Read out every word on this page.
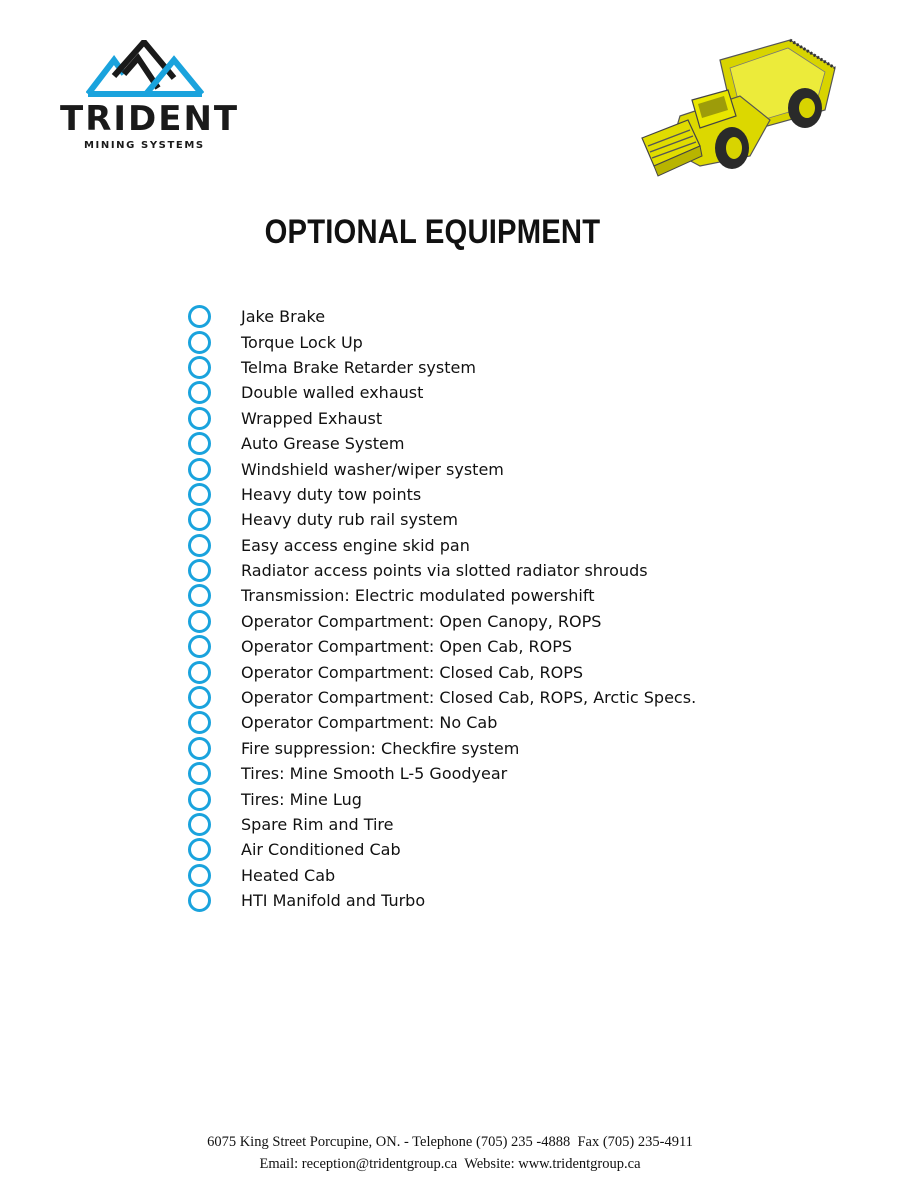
TRIDENT
MINING SYSTEMS
OPTIONAL EQUIPMENT
Jake Brake
Torque Lock Up
Telma Brake Retarder system
Double walled exhaust
Wrapped Exhaust
Auto Grease System
Windshield washer/wiper system
Heavy duty tow points
Heavy duty rub rail system
Easy access engine skid pan
Radiator access points via slotted radiator shrouds
Transmission: Electric modulated powershift
Operator Compartment: Open Canopy, ROPS
Operator Compartment: Open Cab, ROPS
Operator Compartment: Closed Cab, ROPS
Operator Compartment: Closed Cab, ROPS, Arctic Specs.
Operator Compartment: No Cab
Fire suppression: Checkfire system
Tires: Mine Smooth L-5 Goodyear
Tires: Mine Lug
Spare Rim and Tire
Air Conditioned Cab
Heated Cab
HTI Manifold and Turbo
6075 King Street Porcupine, ON. - Telephone (705) 235 -4888  Fax (705) 235-4911
Email: reception@tridentgroup.ca  Website: www.tridentgroup.ca
